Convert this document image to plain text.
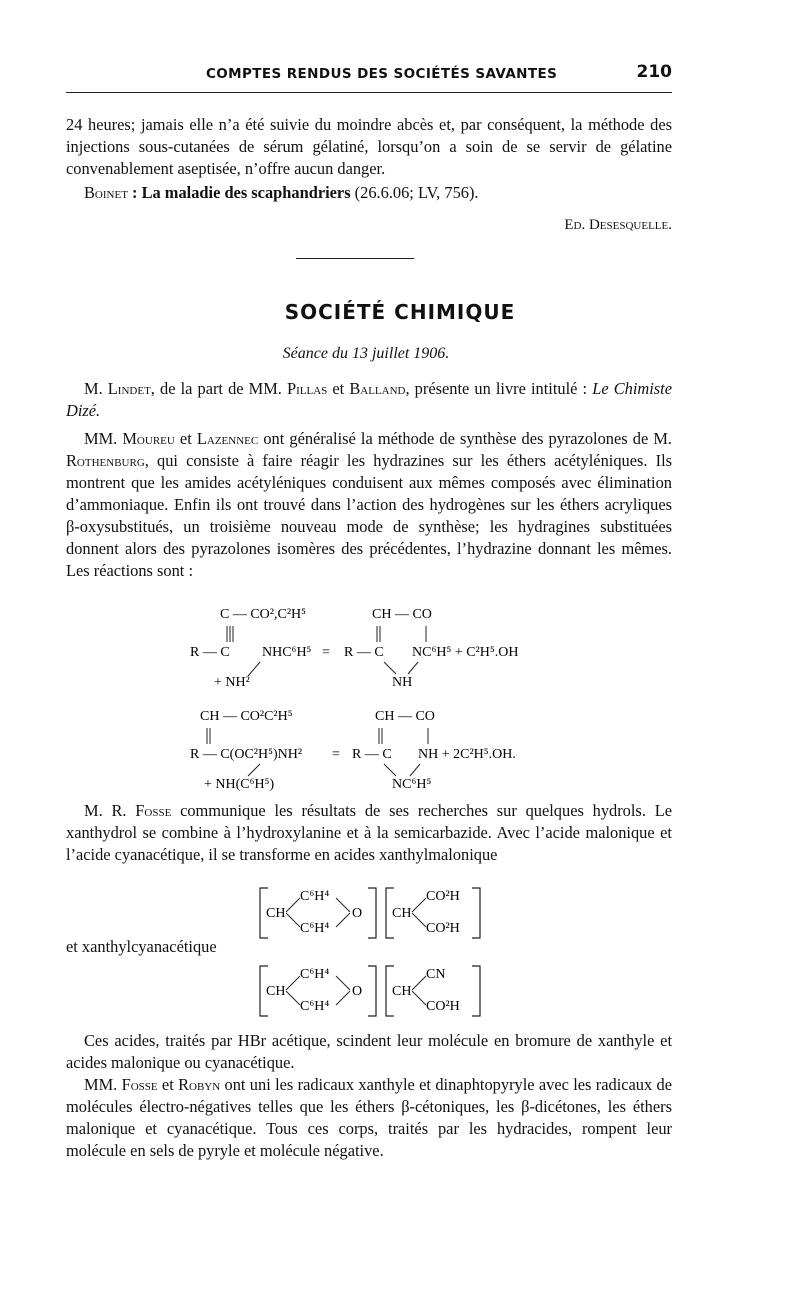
COMPTES RENDUS DES SOCIÉTÉS SAVANTES	210

24 heures; jamais elle n’a été suivie du moindre abcès et, par conséquent, la méthode des injections sous-cutanées de sérum gélatiné, lorsqu’on a soin de se servir de gélatine convenablement aseptisée, n’offre aucun danger.

Boinet : La maladie des scaphandriers (26.6.06; LV, 756).

Ed. Desesquelle.
SOCIÉTÉ CHIMIQUE
Séance du 13 juillet 1906.

M. Lindet, de la part de MM. Pillas et Balland, présente un livre intitulé : Le Chimiste Dizé.

MM. Moureu et Lazennec ont généralisé la méthode de synthèse des pyrazolones de M. Rothenburg, qui consiste à faire réagir les hydrazines sur les éthers acétyléniques. Ils montrent que les amides acétyléniques conduisent aux mêmes composés avec élimination d’ammoniaque. Enfin ils ont trouvé dans l’action des hydrogènes sur les éthers acryliques β-oxysubstitués, un troisième nouveau mode de synthèse; les hydragines substituées donnent alors des pyrazolones isomères des précédentes, l’hydrazine donnant les mêmes. Les réactions sont :

C — CO²,C²H⁵
R — C NHC⁶H⁵
+ NH²
=
CH — CO
R — C NC⁶H⁵ + C²H⁵.OH
NH
CH — CO²C²H⁵
R — C(OC²H⁵)NH²
+ NH(C⁶H⁵)
=
CH — CO
R — C NH + 2C²H⁵.OH.
NC⁶H⁵

M. R. Fosse communique les résultats de ses recherches sur quelques hydrols. Le xanthydrol se combine à l’hydroxylanine et à la semicarbazide. Avec l’acide malonique et l’acide cyanacétique, il se transforme en acides xanthylmalonique

CH
C⁶H⁴
C⁶H⁴
O CH
CO²H
CO²H

et xanthylcyanacétique

CH
C⁶H⁴
C⁶H⁴
O CH
CN
CO²H

Ces acides, traités par HBr acétique, scindent leur molécule en bromure de xanthyle et acides malonique ou cyanacétique.

MM. Fosse et Robyn ont uni les radicaux xanthyle et dinaphtopyryle avec les radicaux de molécules électro-négatives telles que les éthers β-cétoniques, les β-dicétones, les éthers malonique et cyanacétique. Tous ces corps, traités par les hydracides, rompent leur molécule en sels de pyryle et molécule négative.
